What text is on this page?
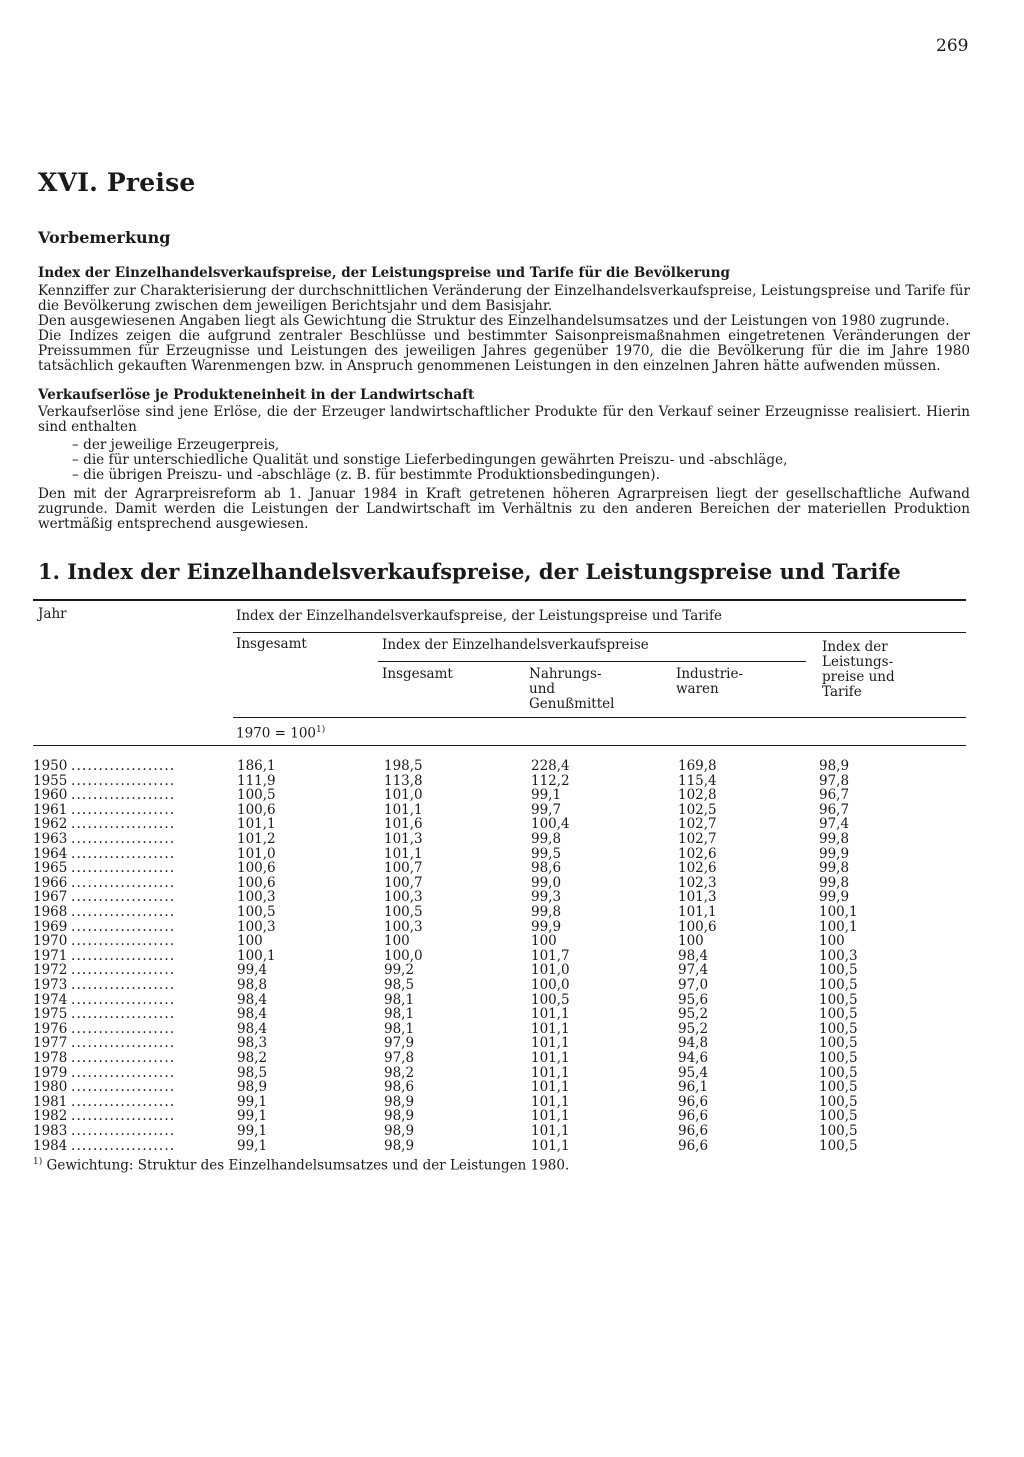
269
XVI. Preise
Vorbemerkung
Index der Einzelhandelsverkaufspreise, der Leistungspreise und Tarife für die Bevölkerung

Kennziffer zur Charakterisierung der durchschnittlichen Veränderung der Einzelhandelsverkaufspreise, Leistungspreise und Tarife für die Bevölkerung zwischen dem jeweiligen Berichtsjahr und dem Basisjahr.

Den ausgewiesenen Angaben liegt als Gewichtung die Struktur des Einzelhandelsumsatzes und der Leistungen von 1980 zugrunde.

Die Indizes zeigen die aufgrund zentraler Beschlüsse und bestimmter Saisonpreismaßnahmen eingetretenen Veränderungen der Preissummen für Erzeugnisse und Leistungen des jeweiligen Jahres gegenüber 1970, die die Bevölkerung für die im Jahre 1980 tatsächlich gekauften Warenmengen bzw. in Anspruch genommenen Leistungen in den einzelnen Jahren hätte aufwenden müssen.

Verkaufserlöse je Produkteneinheit in der Landwirtschaft

Verkaufserlöse sind jene Erlöse, die der Erzeuger landwirtschaftlicher Produkte für den Verkauf seiner Erzeugnisse realisiert. Hierin sind enthalten

– der jeweilige Erzeugerpreis,
– die für unterschiedliche Qualität und sonstige Lieferbedingungen gewährten Preiszu- und -abschläge,
– die übrigen Preiszu- und -abschläge (z. B. für bestimmte Produktionsbedingungen).

Den mit der Agrarpreisreform ab 1. Januar 1984 in Kraft getretenen höheren Agrarpreisen liegt der gesellschaftliche Aufwand zugrunde. Damit werden die Leistungen der Landwirtschaft im Verhältnis zu den anderen Bereichen der materiellen Produktion wertmäßig entsprechend ausgewiesen.

1. Index der Einzelhandelsverkaufspreise, der Leistungspreise und Tarife
Jahr	Index der Einzelhandelsverkaufspreise, der Leistungspreise und Tarife
Insgesamt	Index der Einzelhandelsverkaufspreise	Index der
Leistungs-
preise und
Tarife
Insgesamt	Nahrungs-
und
Genußmittel
Industrie-
waren
$1970 = 100^{1)}$
1950 ...................	186,1	198,5	228,4	169,8	98,9
1955 ...................	111,9	113,8	112,2	115,4	97,8
1960 ...................	100,5	101,0	99,1	102,8	96,7
1961 ...................	100,6	101,1	99,7	102,5	96,7
1962 ...................	101,1	101,6	100,4	102,7	97,4
1963 ...................	101,2	101,3	99,8	102,7	99,8
1964 ...................	101,0	101,1	99,5	102,6	99,9
1965 ...................	100,6	100,7	98,6	102,6	99,8
1966 ...................	100,6	100,7	99,0	102,3	99,8
1967 ...................	100,3	100,3	99,3	101,3	99,9
1968 ...................	100,5	100,5	99,8	101,1	100,1
1969 ...................	100,3	100,3	99,9	100,6	100,1
1970 ...................	100	100	100	100	100
1971 ...................	100,1	100,0	101,7	98,4	100,3
1972 ...................	99,4	99,2	101,0	97,4	100,5
1973 ...................	98,8	98,5	100,0	97,0	100,5
1974 ...................	98,4	98,1	100,5	95,6	100,5
1975 ...................	98,4	98,1	101,1	95,2	100,5
1976 ...................	98,4	98,1	101,1	95,2	100,5
1977 ...................	98,3	97,9	101,1	94,8	100,5
1978 ...................	98,2	97,8	101,1	94,6	100,5
1979 ...................	98,5	98,2	101,1	95,4	100,5
1980 ...................	98,9	98,6	101,1	96,1	100,5
1981 ...................	99,1	98,9	101,1	96,6	100,5
1982 ...................	99,1	98,9	101,1	96,6	100,5
1983 ...................	99,1	98,9	101,1	96,6	100,5
1984 ...................	99,1	98,9	101,1	96,6	100,5
$^{1)}$ Gewichtung: Struktur des Einzelhandelsumsatzes und der Leistungen 1980.
